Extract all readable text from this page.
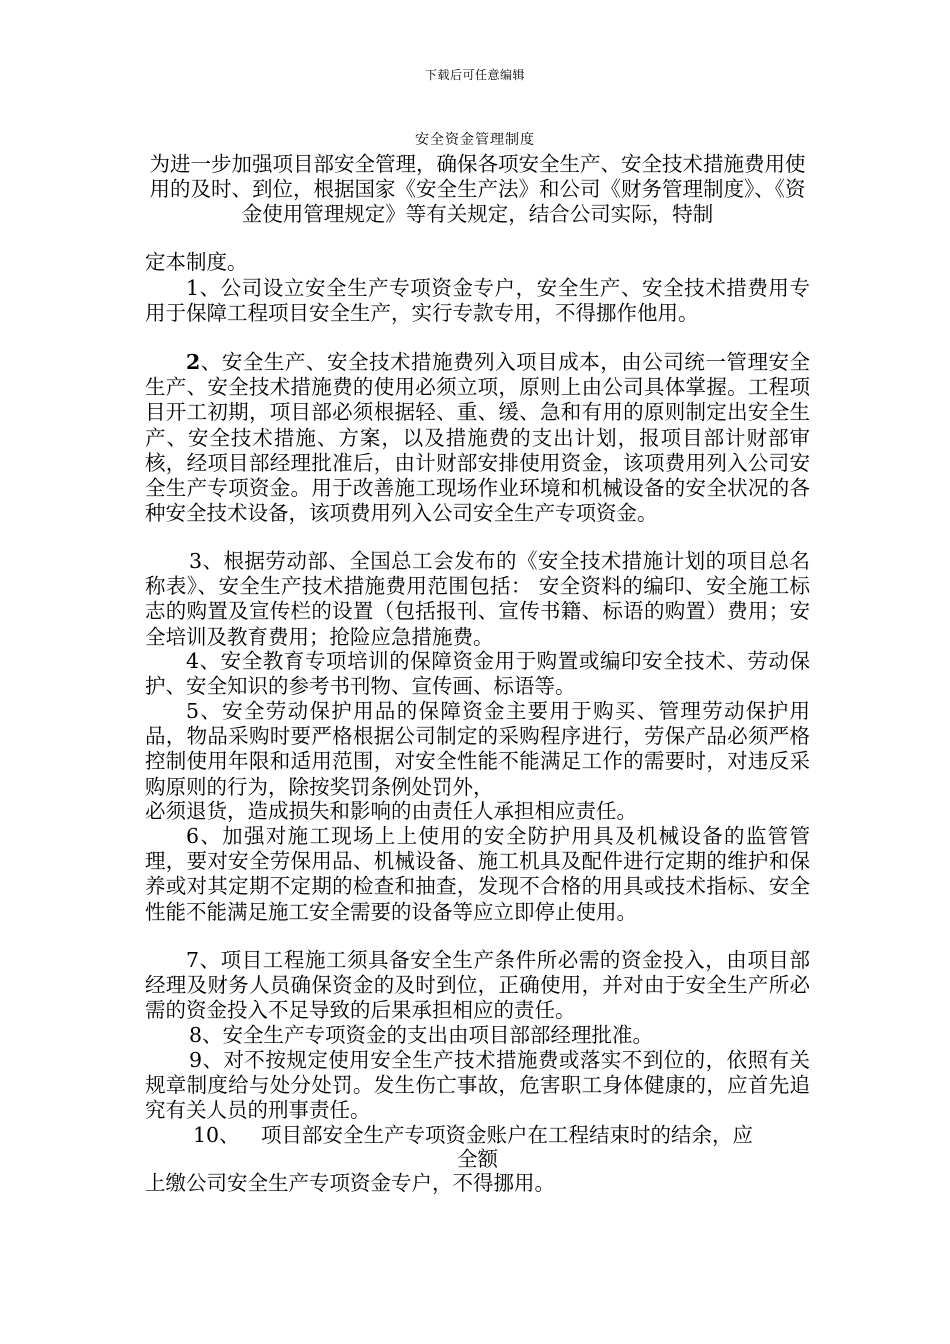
下载后可任意编辑
安全资金管理制度
为进一步加强项目部安全管理，确保各项安全生产、安全技术措施费用使用的及时、到位，根据国家《安全生产法》和公司《财务管理制度》、《资金使用管理规定》等有关规定，结合公司实际，特制
定本制度。
1、公司设立安全生产专项资金专户，安全生产、安全技术措费用专用于保障工程项目安全生产，实行专款专用，不得挪作他用。
2、安全生产、安全技术措施费列入项目成本，由公司统一管理安全生产、安全技术措施费的使用必须立项，原则上由公司具体掌握。工程项目开工初期，项目部必须根据轻、重、缓、急和有用的原则制定出安全生产、安全技术措施、方案，以及措施费的支出计划，报项目部计财部审核，经项目部经理批准后，由计财部安排使用资金，该项费用列入公司安全生产专项资金。用于改善施工现场作业环境和机械设备的安全状况的各种安全技术设备，该项费用列入公司安全生产专项资金。
3、根据劳动部、全国总工会发布的《安全技术措施计划的项目总名称表》、安全生产技术措施费用范围包括： 安全资料的编印、安全施工标志的购置及宣传栏的设置（包括报刊、宣传书籍、标语的购置）费用；安全培训及教育费用；抢险应急措施费。
4、安全教育专项培训的保障资金用于购置或编印安全技术、劳动保护、安全知识的参考书刊物、宣传画、标语等。
5、安全劳动保护用品的保障资金主要用于购买、管理劳动保护用品，物品采购时要严格根据公司制定的采购程序进行，劳保产品必须严格控制使用年限和适用范围，对安全性能不能满足工作的需要时，对违反采购原则的行为，除按奖罚条例处罚外，
必须退货，造成损失和影响的由责任人承担相应责任。
6、加强对施工现场上上使用的安全防护用具及机械设备的监管管理，要对安全劳保用品、机械设备、施工机具及配件进行定期的维护和保养或对其定期不定期的检查和抽查，发现不合格的用具或技术指标、安全性能不能满足施工安全需要的设备等应立即停止使用。
7、项目工程施工须具备安全生产条件所必需的资金投入，由项目部经理及财务人员确保资金的及时到位，正确使用，并对由于安全生产所必需的资金投入不足导致的后果承担相应的责任。
8、安全生产专项资金的支出由项目部部经理批准。
9、对不按规定使用安全生产技术措施费或落实不到位的，依照有关规章制度给与处分处罚。发生伤亡事故，危害职工身体健康的，应首先追究有关人员的刑事责任。
10、 项目部安全生产专项资金账户在工程结束时的结余，应
全额
上缴公司安全生产专项资金专户，不得挪用。
